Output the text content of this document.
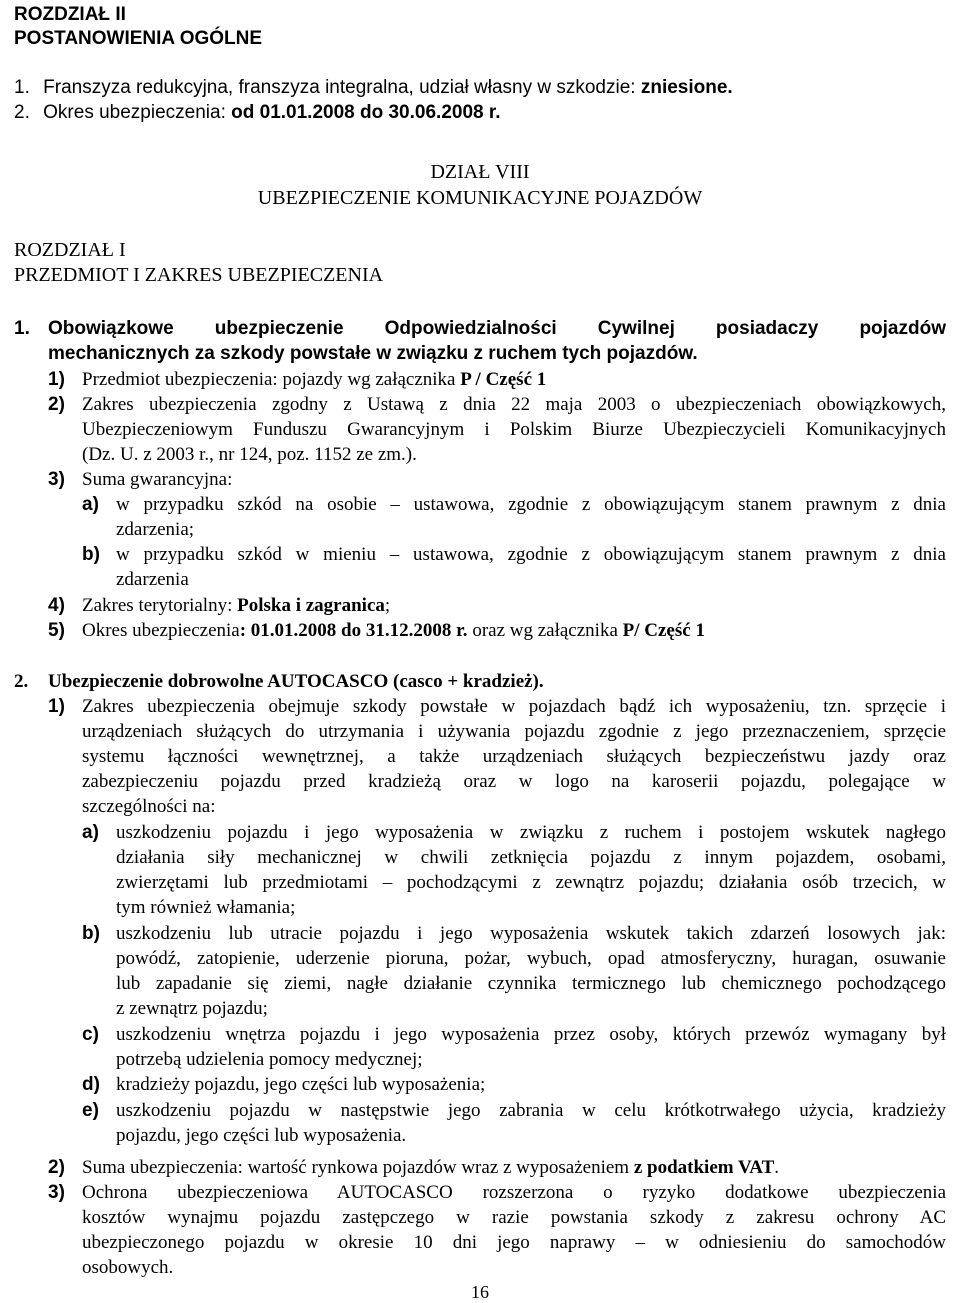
ROZDZIAŁ II
POSTANOWIENIA OGÓLNE
1. Franszyza redukcyjna, franszyza integralna, udział własny w szkodzie: zniesione.
2. Okres ubezpieczenia: od 01.01.2008 do 30.06.2008 r.
DZIAŁ VIII
UBEZPIECZENIE KOMUNIKACYJNE POJAZDÓW
ROZDZIAŁ I
PRZEDMIOT I ZAKRES UBEZPIECZENIA
1. Obowiązkowe ubezpieczenie Odpowiedzialności Cywilnej posiadaczy pojazdów
mechanicznych za szkody powstałe w związku z ruchem tych pojazdów.
1) Przedmiot ubezpieczenia: pojazdy wg załącznika P / Część 1
2) Zakres ubezpieczenia zgodny z Ustawą z dnia 22 maja 2003 o ubezpieczeniach obowiązkowych,
Ubezpieczeniowym Funduszu Gwarancyjnym i Polskim Biurze Ubezpieczycieli Komunikacyjnych
(Dz. U. z 2003 r., nr 124, poz. 1152 ze zm.).
3) Suma gwarancyjna:
a) w przypadku szkód na osobie – ustawowa, zgodnie z obowiązującym stanem prawnym z dnia
zdarzenia;
b) w przypadku szkód w mieniu – ustawowa, zgodnie z obowiązującym stanem prawnym z dnia
zdarzenia
4) Zakres terytorialny: Polska i zagranica;
5) Okres ubezpieczenia: 01.01.2008 do 31.12.2008 r. oraz wg załącznika P/ Część 1
2. Ubezpieczenie dobrowolne AUTOCASCO (casco + kradzież).
1) Zakres ubezpieczenia obejmuje szkody powstałe w pojazdach bądź ich wyposażeniu, tzn. sprzęcie i
urządzeniach służących do utrzymania i używania pojazdu zgodnie z jego przeznaczeniem, sprzęcie
systemu łączności wewnętrznej, a także urządzeniach służących bezpieczeństwu jazdy oraz
zabezpieczeniu pojazdu przed kradzieżą oraz w logo na karoserii pojazdu, polegające w
szczególności na:
a) uszkodzeniu pojazdu i jego wyposażenia w związku z ruchem i postojem wskutek nagłego
działania siły mechanicznej w chwili zetknięcia pojazdu z innym pojazdem, osobami,
zwierzętami lub przedmiotami – pochodzącymi z zewnątrz pojazdu; działania osób trzecich, w
tym również włamania;
b) uszkodzeniu lub utracie pojazdu i jego wyposażenia wskutek takich zdarzeń losowych jak:
powódź, zatopienie, uderzenie pioruna, pożar, wybuch, opad atmosferyczny, huragan, osuwanie
lub zapadanie się ziemi, nagłe działanie czynnika termicznego lub chemicznego pochodzącego
z zewnątrz pojazdu;
c) uszkodzeniu wnętrza pojazdu i jego wyposażenia przez osoby, których przewóz wymagany był
potrzebą udzielenia pomocy medycznej;
d) kradzieży pojazdu, jego części lub wyposażenia;
e) uszkodzeniu pojazdu w następstwie jego zabrania w celu krótkotrwałego użycia, kradzieży
pojazdu, jego części lub wyposażenia.
2) Suma ubezpieczenia: wartość rynkowa pojazdów wraz z wyposażeniem z podatkiem VAT.
3) Ochrona ubezpieczeniowa AUTOCASCO rozszerzona o ryzyko dodatkowe ubezpieczenia
kosztów wynajmu pojazdu zastępczego w razie powstania szkody z zakresu ochrony AC
ubezpieczonego pojazdu w okresie 10 dni jego naprawy – w odniesieniu do samochodów
osobowych.
16
